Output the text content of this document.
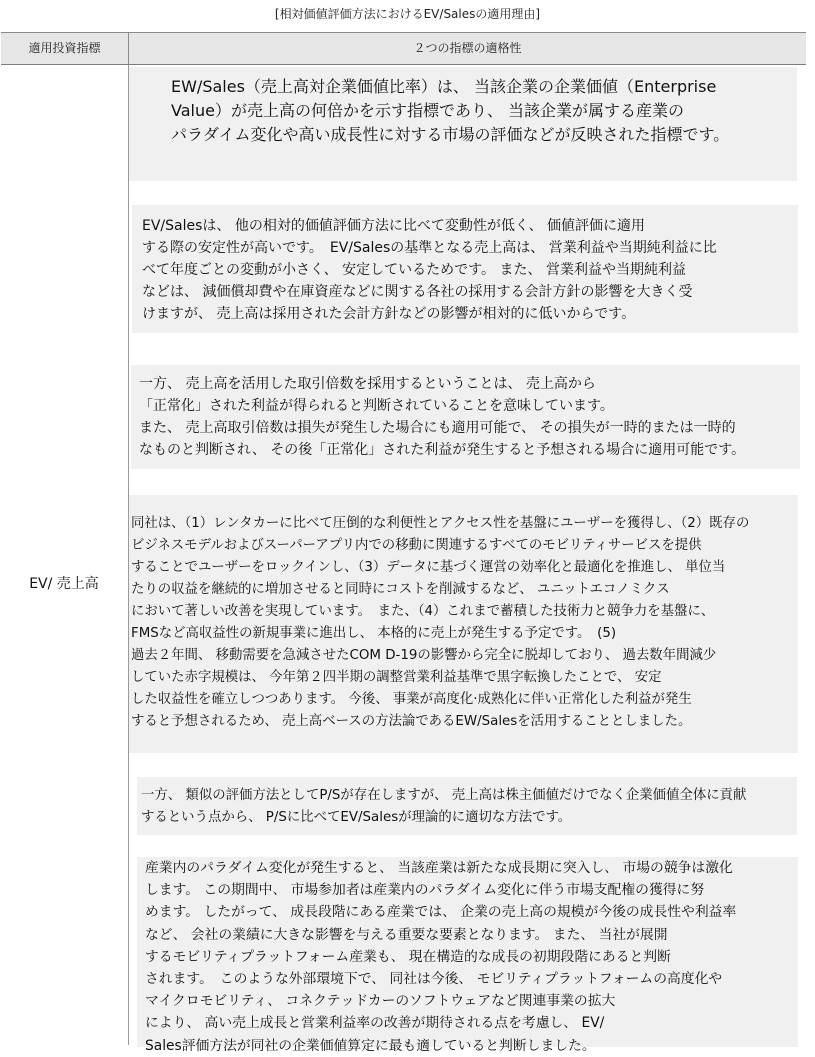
[相対価値評価方法におけるEV/Salesの適用理由]
適用投資指標	２つの指標の適格性
EV/ 売上高

EW/Sales（売上高対企業価値比率）は、 当該企業の企業価値（Enterprise

Value）が売上高の何倍かを示す指標であり、 当該企業が属する産業の

パラダイム変化や高い成長性に対する市場の評価などが反映された指標です。

EV/Salesは、 他の相対的価値評価方法に比べて変動性が低く、 価値評価に適用

する際の安定性が高いです。　EV/Salesの基準となる売上高は、 営業利益や当期純利益に比

べて年度ごとの変動が小さく、 安定しているためです。 また、 営業利益や当期純利益

などは、 減価償却費や在庫資産などに関する各社の採用する会計方針の影響を大きく受

けますが、 売上高は採用された会計方針などの影響が相対的に低いからです。

一方、 売上高を活用した取引倍数を採用するということは、 売上高から

「正常化」された利益が得られると判断されていることを意味しています。

また、 売上高取引倍数は損失が発生した場合にも適用可能で、 その損失が一時的または一時的

なものと判断され、 その後「正常化」された利益が発生すると予想される場合に適用可能です。

同社は、（1）レンタカーに比べて圧倒的な利便性とアクセス性を基盤にユーザーを獲得し、（2）既存の

ビジネスモデルおよびスーパーアプリ内での移動に関連するすべてのモビリティサービスを提供

することでユーザーをロックインし、（3）データに基づく運営の効率化と最適化を推進し、 単位当

たりの収益を継続的に増加させると同時にコストを削減するなど、 ユニットエコノミクス

において著しい改善を実現しています。　また、（4）これまで蓄積した技術力と競争力を基盤に、

FMSなど高収益性の新規事業に進出し、 本格的に売上が発生する予定です。　(5)

過去２年間、 移動需要を急減させたCOM D-19の影響から完全に脱却しており、 過去数年間減少

していた赤字規模は、 今年第２四半期の調整営業利益基準で黒字転換したことで、 安定

した収益性を確立しつつあります。 今後、 事業が高度化·成熟化に伴い正常化した利益が発生

すると予想されるため、 売上高ベースの方法論であるEW/Salesを活用することとしました。

一方、 類似の評価方法としてP/Sが存在しますが、 売上高は株主価値だけでなく企業価値全体に貢献

するという点から、 P/Sに比べてEV/Salesが理論的に適切な方法です。

産業内のパラダイム変化が発生すると、 当該産業は新たな成長期に突入し、 市場の競争は激化

します。 この期間中、 市場参加者は産業内のパラダイム変化に伴う市場支配権の獲得に努

めます。 したがって、 成長段階にある産業では、 企業の売上高の規模が今後の成長性や利益率

など、 会社の業績に大きな影響を与える重要な要素となります。 また、 当社が展開

するモビリティプラットフォーム産業も、 現在構造的な成長の初期段階にあると判断

されます。　このような外部環境下で、 同社は今後、 モビリティプラットフォームの高度化や

マイクロモビリティ、 コネクテッドカーのソフトウェアなど関連事業の拡大

により、 高い売上成長と営業利益率の改善が期待される点を考慮し、 EV/

Sales評価方法が同社の企業価値算定に最も適していると判断しました。
